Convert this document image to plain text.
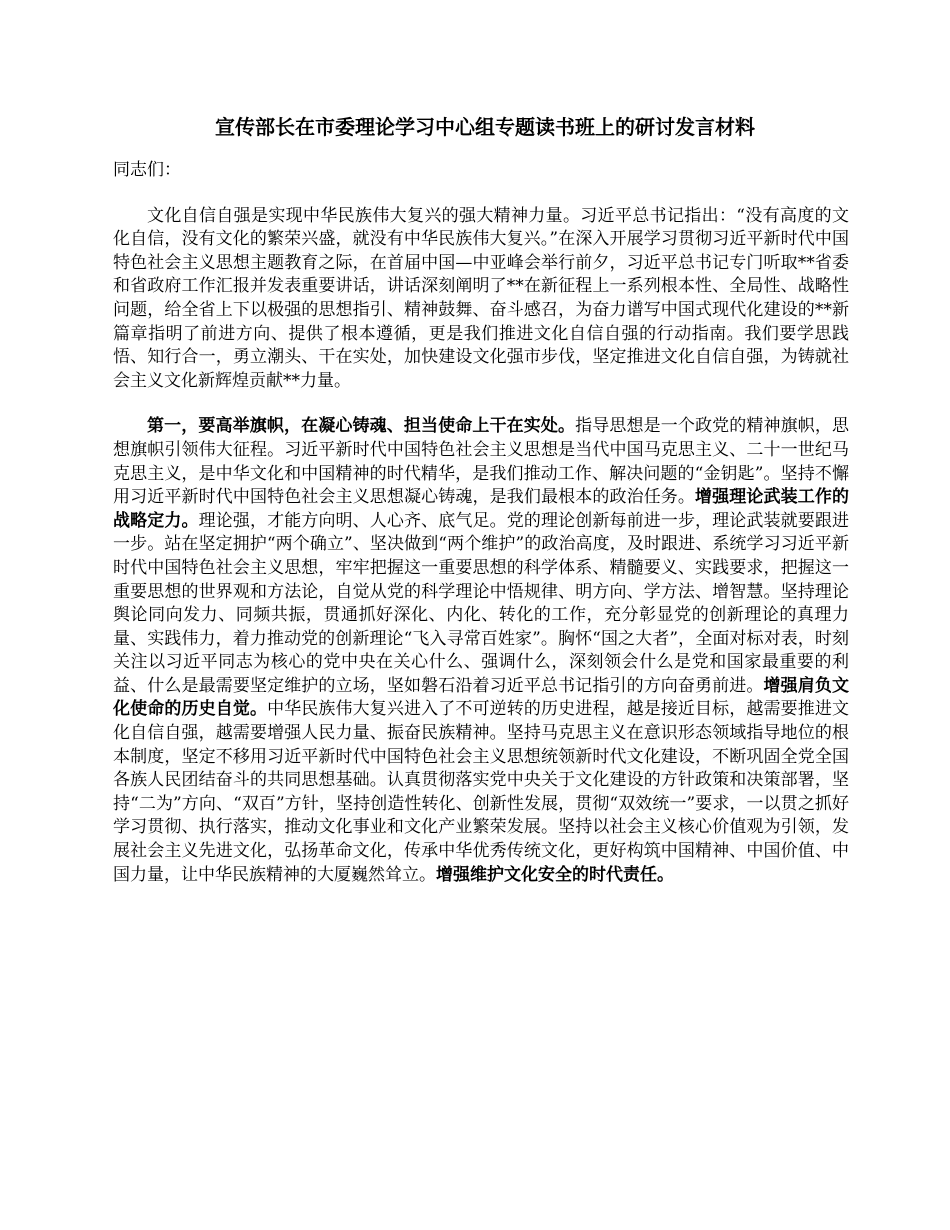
宣传部长在市委理论学习中心组专题读书班上的研讨发言材料

同志们：

文化自信自强是实现中华民族伟大复兴的强大精神力量。习近平总书记指出：“没有高度的文化自信，没有文化的繁荣兴盛，就没有中华民族伟大复兴。”在深入开展学习贯彻习近平新时代中国特色社会主义思想主题教育之际，在首届中国—中亚峰会举行前夕，习近平总书记专门听取**省委和省政府工作汇报并发表重要讲话，讲话深刻阐明了**在新征程上一系列根本性、全局性、战略性问题，给全省上下以极强的思想指引、精神鼓舞、奋斗感召，为奋力谱写中国式现代化建设的**新篇章指明了前进方向、提供了根本遵循，更是我们推进文化自信自强的行动指南。我们要学思践悟、知行合一，勇立潮头、干在实处，加快建设文化强市步伐，坚定推进文化自信自强，为铸就社会主义文化新辉煌贡献**力量。

第一，要高举旗帜，在凝心铸魂、担当使命上干在实处。指导思想是一个政党的精神旗帜，思想旗帜引领伟大征程。习近平新时代中国特色社会主义思想是当代中国马克思主义、二十一世纪马克思主义，是中华文化和中国精神的时代精华，是我们推动工作、解决问题的“金钥匙”。坚持不懈用习近平新时代中国特色社会主义思想凝心铸魂，是我们最根本的政治任务。增强理论武装工作的战略定力。理论强，才能方向明、人心齐、底气足。党的理论创新每前进一步，理论武装就要跟进一步。站在坚定拥护“两个确立”、坚决做到“两个维护”的政治高度，及时跟进、系统学习习近平新时代中国特色社会主义思想，牢牢把握这一重要思想的科学体系、精髓要义、实践要求，把握这一重要思想的世界观和方法论，自觉从党的科学理论中悟规律、明方向、学方法、增智慧。坚持理论舆论同向发力、同频共振，贯通抓好深化、内化、转化的工作，充分彰显党的创新理论的真理力量、实践伟力，着力推动党的创新理论“飞入寻常百姓家”。胸怀“国之大者”，全面对标对表，时刻关注以习近平同志为核心的党中央在关心什么、强调什么，深刻领会什么是党和国家最重要的利益、什么是最需要坚定维护的立场，坚如磐石沿着习近平总书记指引的方向奋勇前进。增强肩负文化使命的历史自觉。中华民族伟大复兴进入了不可逆转的历史进程，越是接近目标，越需要推进文化自信自强，越需要增强人民力量、振奋民族精神。坚持马克思主义在意识形态领域指导地位的根本制度，坚定不移用习近平新时代中国特色社会主义思想统领新时代文化建设，不断巩固全党全国各族人民团结奋斗的共同思想基础。认真贯彻落实党中央关于文化建设的方针政策和决策部署，坚持“二为”方向、“双百”方针，坚持创造性转化、创新性发展，贯彻“双效统一”要求，一以贯之抓好学习贯彻、执行落实，推动文化事业和文化产业繁荣发展。坚持以社会主义核心价值观为引领，发展社会主义先进文化，弘扬革命文化，传承中华优秀传统文化，更好构筑中国精神、中国价值、中国力量，让中华民族精神的大厦巍然耸立。增强维护文化安全的时代责任。
